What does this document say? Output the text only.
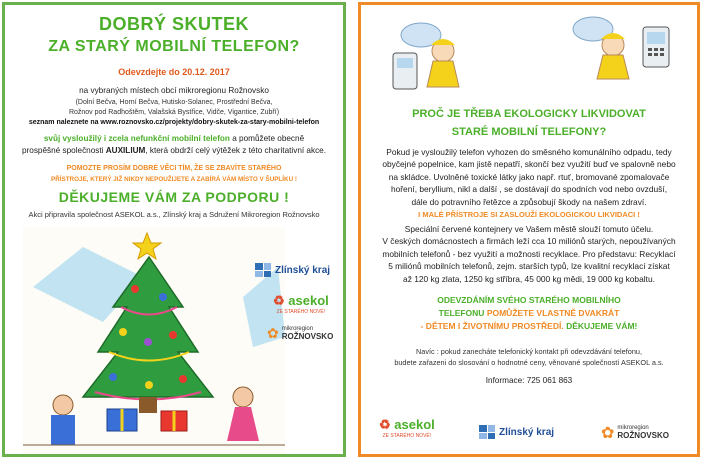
DOBRÝ SKUTEK
ZA STARÝ MOBILNÍ TELEFON?
Odevzdejte do 20.12. 2017
na vybraných místech obcí mikroregionu Rožnovsko
(Dolní Bečva, Horní Bečva, Hutisko-Solanec, Prostřední Bečva,
Rožnov pod Radhoštěm, Valašská Bystřice, Vidče, Vigantice, Zubří)
seznam naleznete na www.roznovsko.cz/projekty/dobry-skutek-za-stary-mobilni-telefon
svůj vysloužilý i zcela nefunkční mobilní telefon a pomůžete obecně
prospěšné společnosti AUXILIUM, která obdrží celý výtěžek z této charitativní akce.
POMOZTE PROSÍM DOBRÉ VĚCI TÍM, ŽE SE ZBAVÍTE STARÉHO
PŘÍSTROJE, KTERÝ JIŽ NIKDY NEPOUŽIJETE A ZABÍRÁ VÁM MÍSTO V ŠUPLÍKU !
DĚKUJEME VÁM ZA PODPORU !
Akci připravila společnost ASEKOL a.s., Zlínský kraj a Sdružení Mikroregion Rožnovsko
Zlínský kraj
♻ asekol
ZE STARÉHO NOVÉ!
✿ mikroregion
ROŽNOVSKO
PROČ JE TŘEBA EKOLOGICKY LIKVIDOVAT
STARÉ MOBILNÍ TELEFONY?
Pokud je vysloužilý telefon vyhozen do směsného komunálního odpadu, tedy
obyčejné popelnice, kam jistě nepatří, skončí bez využití buď ve spalovně nebo
na skládce. Uvolněné toxické látky jako např. rtuť, bromované zpomalovače
hoření, beryllium, nikl a další , se dostávají do spodních vod nebo ovzduší,
dále do potravního řetězce a způsobují škody na našem zdraví.
I MALÉ PŘÍSTROJE SI ZASLOUŽÍ EKOLOGICKOU LIKVIDACI !
Speciální červené kontejnery ve Vašem městě slouží tomuto účelu.
V českých domácnostech a firmách leží cca 10 miliónů starých, nepoužívaných
mobilních telefonů - bez využití a možnosti recyklace. Pro představu: Recyklací
5 miliónů mobilních telefonů, zejm. starších typů, lze kvalitní recyklací získat
až 120 kg zlata, 1250 kg stříbra, 45 000 kg mědi, 19 000 kg kobaltu.
ODEVZDÁNÍM SVÉHO STARÉHO MOBILNÍHO
TELEFONU POMŮŽETE VLASTNĚ DVAKRÁT
- DĚTEM I ŽIVOTNÍMU PROSTŘEDÍ. DĚKUJEME VÁM!
Navíc : pokud zanecháte telefonický kontakt při odevzdávání telefonu,
budete zařazeni do slosování o hodnotné ceny, věnované společností ASEKOL a.s.
Informace: 725 061 863
♻ asekol
ZE STARÉHO NOVÉ!	Zlínský kraj	✿ mikroregion
ROŽNOVSKO
